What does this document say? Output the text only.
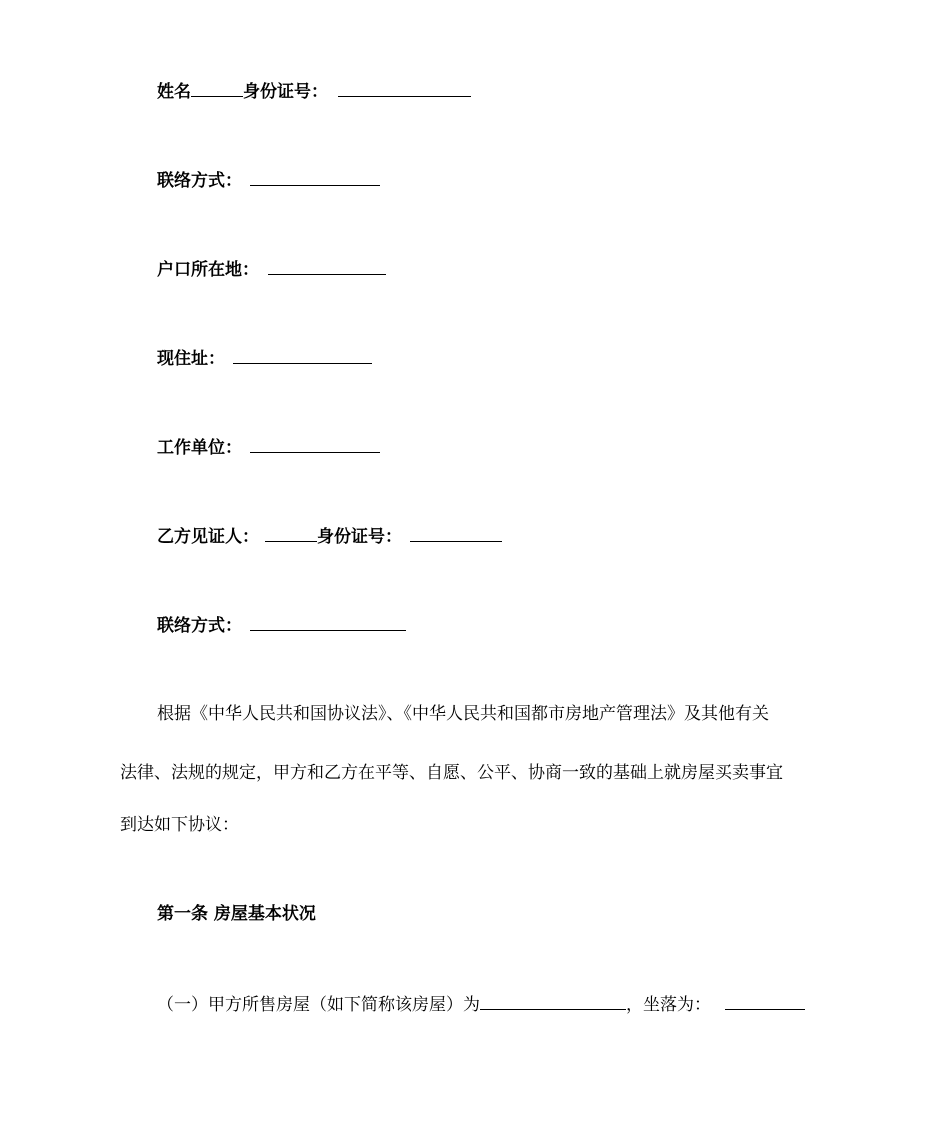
姓名	身份证号：
联络方式：
户口所在地：
现住址：
工作单位：
乙方见证人：	身份证号：
联络方式：
根据《中华人民共和国协议法》、《中华人民共和国都市房地产管理法》及其他有关
法律、法规的规定，甲方和乙方在平等、自愿、公平、协商一致的基础上就房屋买卖事宜
到达如下协议：
第一条 房屋基本状况
（一）甲方所售房屋（如下简称该房屋）为	，坐落为：
